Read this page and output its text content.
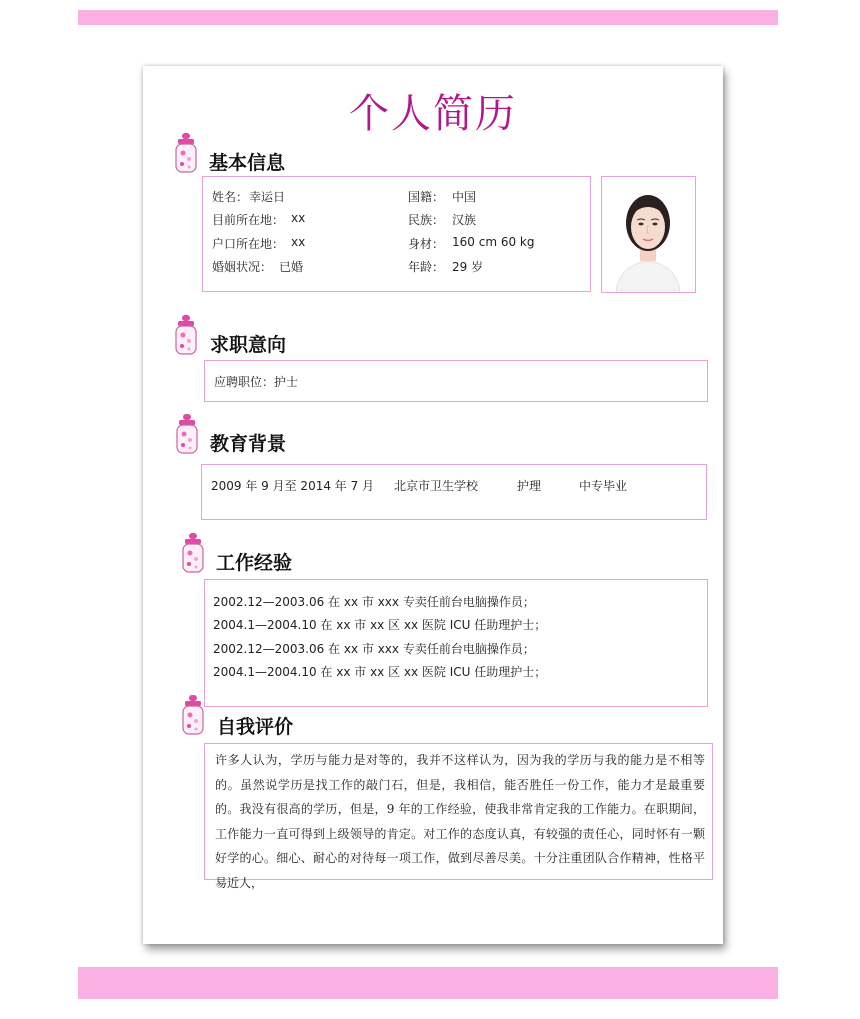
个人简历
基本信息
姓名： 幸运日	国籍： 中国
目前所在地： xx	民族： 汉族
户口所在地： xx	身材： 160 cm 60 kg
婚姻状况： 已婚	年龄： 29 岁
求职意向
应聘职位：护士
教育背景
2009 年 9 月至 2014 年 7 月 北京市卫生学校	护理	中专毕业
工作经验
2002.12—2003.06 在 xx 市 xxx 专卖任前台电脑操作员；
2004.1—2004.10 在 xx 市 xx 区 xx 医院 ICU 任助理护士；
2002.12—2003.06 在 xx 市 xxx 专卖任前台电脑操作员；
2004.1—2004.10 在 xx 市 xx 区 xx 医院 ICU 任助理护士；
自我评价
许多人认为，学历与能力是对等的，我并不这样认为，因为我的学历与我的能力是不相等的。虽然说学历是找工作的敲门石，但是，我相信，能否胜任一份工作，能力才是最重要的。我没有很高的学历，但是，9 年的工作经验，使我非常肯定我的工作能力。在职期间，工作能力一直可得到上级领导的肯定。对工作的态度认真，有较强的责任心，同时怀有一颗好学的心。细心、耐心的对待每一项工作，做到尽善尽美。十分注重团队合作精神，性格平易近人，
